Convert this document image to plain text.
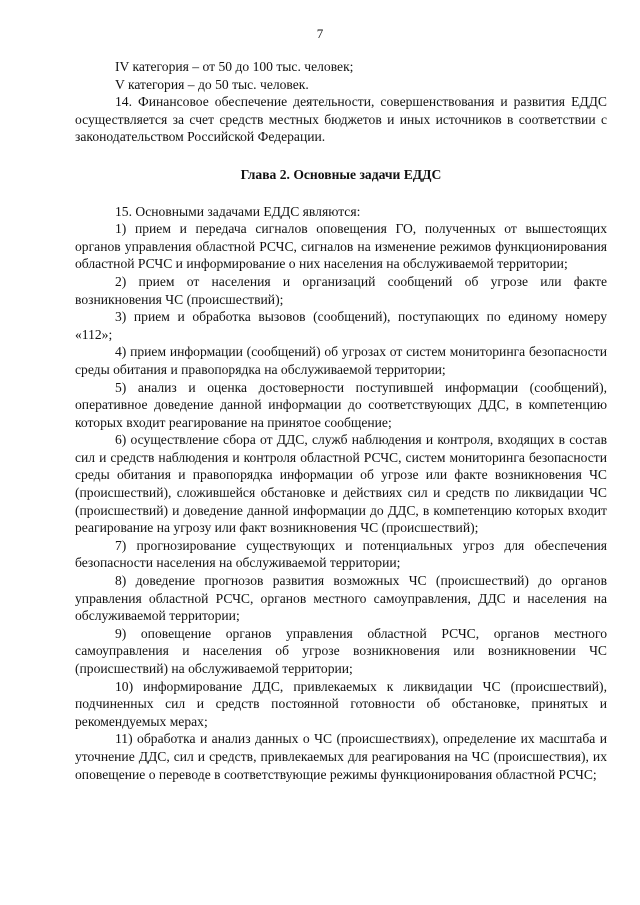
7

IV категория – от 50 до 100 тыс. человек;

V категория – до 50 тыс. человек.

14. Финансовое обеспечение деятельности, совершенствования и развития ЕДДС осуществляется за счет средств местных бюджетов и иных источников в соответствии с законодательством Российской Федерации.

Глава 2. Основные задачи ЕДДС

15. Основными задачами ЕДДС являются:

1) прием и передача сигналов оповещения ГО, полученных от вышестоящих органов управления областной РСЧС, сигналов на изменение режимов функционирования областной РСЧС и информирование о них населения на обслуживаемой территории;

2) прием от населения и организаций сообщений об угрозе или факте возникновения ЧС (происшествий);

3) прием и обработка вызовов (сообщений), поступающих по единому номеру «112»;

4) прием информации (сообщений) об угрозах от систем мониторинга безопасности среды обитания и правопорядка на обслуживаемой территории;

5) анализ и оценка достоверности поступившей информации (сообщений), оперативное доведение данной информации до соответствующих ДДС, в компетенцию которых входит реагирование на принятое сообщение;

6) осуществление сбора от ДДС, служб наблюдения и контроля, входящих в состав сил и средств наблюдения и контроля областной РСЧС, систем мониторинга безопасности среды обитания и правопорядка информации об угрозе или факте возникновения ЧС (происшествий), сложившейся обстановке и действиях сил и средств по ликвидации ЧС (происшествий) и доведение данной информации до ДДС, в компетенцию которых входит реагирование на угрозу или факт возникновения ЧС (происшествий);

7) прогнозирование существующих и потенциальных угроз для обеспечения безопасности населения на обслуживаемой территории;

8) доведение прогнозов развития возможных ЧС (происшествий) до органов управления областной РСЧС, органов местного самоуправления, ДДС и населения на обслуживаемой территории;

9) оповещение органов управления областной РСЧС, органов местного самоуправления и населения об угрозе возникновения или возникновении ЧС (происшествий) на обслуживаемой территории;

10) информирование ДДС, привлекаемых к ликвидации ЧС (происшествий), подчиненных сил и средств постоянной готовности об обстановке, принятых и рекомендуемых мерах;

11) обработка и анализ данных о ЧС (происшествиях), определение их масштаба и уточнение ДДС, сил и средств, привлекаемых для реагирования на ЧС (происшествия), их оповещение о переводе в соответствующие режимы функционирования областной РСЧС;
